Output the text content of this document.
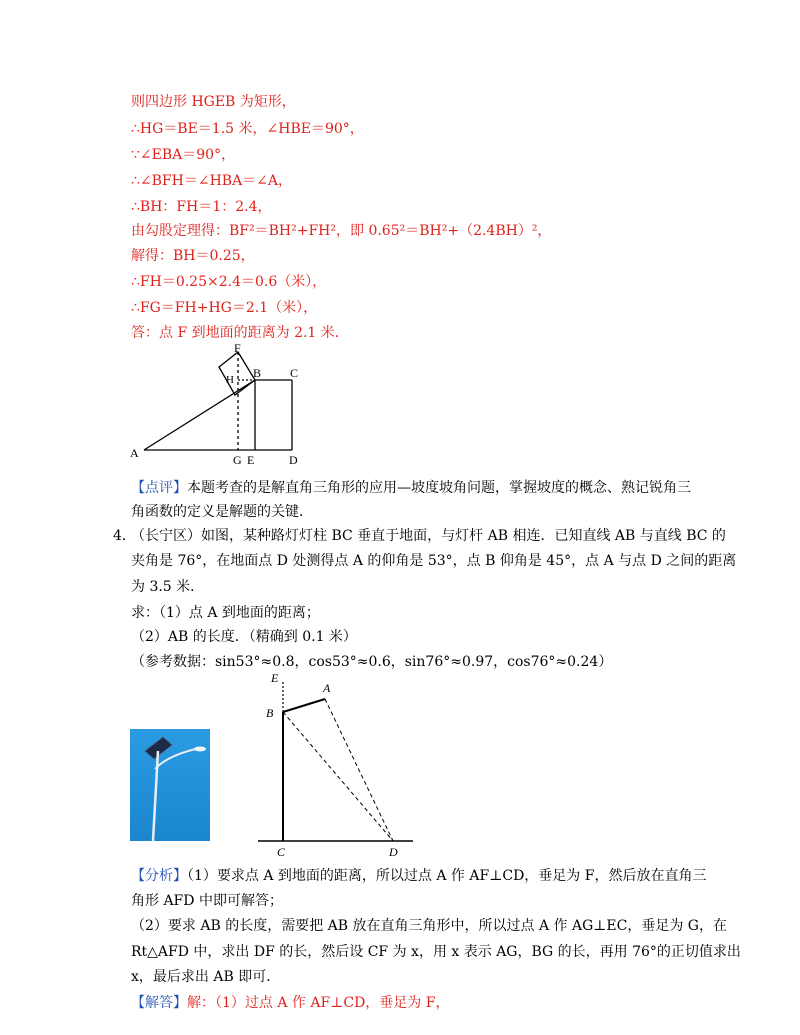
则四边形 HGEB 为矩形，
∴HG＝BE＝1.5 米，∠HBE＝90°，
∵∠EBA＝90°，
∴∠BFH＝∠HBA＝∠A，
∴BH：FH＝1：2.4，
由勾股定理得：BF²＝BH²+FH²，即 0.65²＝BH²+（2.4BH）²，
解得：BH＝0.25，
∴FH＝0.25×2.4＝0.6（米），
∴FG＝FH+HG＝2.1（米），
答：点 F 到地面的距离为 2.1 米．
F
H B C
A	G E	D
【点评】本题考查的是解直角三角形的应用—坡度坡角问题，掌握坡度的概念、熟记锐角三
角函数的定义是解题的关键．
4．
（长宁区）如图，某种路灯灯柱 BC 垂直于地面，与灯杆 AB 相连．已知直线 AB 与直线 BC 的
夹角是 76°，在地面点 D 处测得点 A 的仰角是 53°，点 B 仰角是 45°，点 A 与点 D 之间的距离
为 3.5 米．
求：（1）点 A 到地面的距离；
（2）AB 的长度．（精确到 0.1 米）
（参考数据：sin53°≈0.8，cos53°≈0.6，sin76°≈0.97，cos76°≈0.24）
E
A
B
C	D
【分析】（1）要求点 A 到地面的距离，所以过点 A 作 AF⊥CD，垂足为 F，然后放在直角三
角形 AFD 中即可解答；
（2）要求 AB 的长度，需要把 AB 放在直角三角形中，所以过点 A 作 AG⊥EC，垂足为 G，在
Rt△AFD 中，求出 DF 的长，然后设 CF 为 x，用 x 表示 AG，BG 的长，再用 76°的正切值求出
x，最后求出 AB 即可．
【解答】解：（1）过点 A 作 AF⊥CD，垂足为 F，
